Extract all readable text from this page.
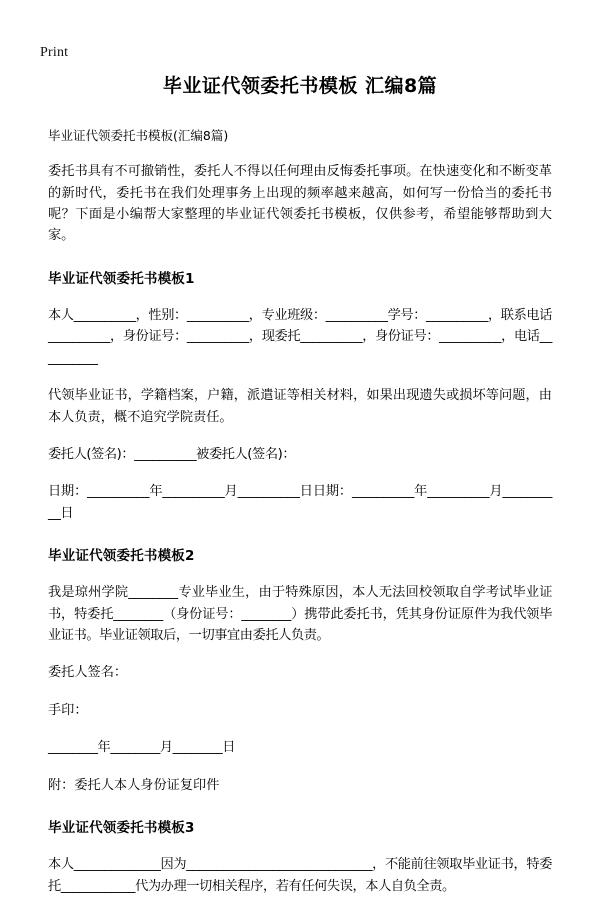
Print
毕业证代领委托书模板 汇编8篇
毕业证代领委托书模板(汇编8篇)

委托书具有不可撤销性，委托人不得以任何理由反悔委托事项。在快速变化和不断变革的新时代，委托书在我们处理事务上出现的频率越来越高，如何写一份恰当的委托书呢？下面是小编帮大家整理的毕业证代领委托书模板，仅供参考，希望能够帮助到大家。

毕业证代领委托书模板1

本人__________，性别：__________，专业班级：__________学号：__________，联系电话__________，身份证号：__________，现委托__________，身份证号：__________，电话__________

代领毕业证书，学籍档案，户籍，派遣证等相关材料，如果出现遗失或损坏等问题，由本人负责，概不追究学院责任。

委托人(签名)：__________被委托人(签名)：

日期：__________年__________月__________日日期：__________年__________月__________日

毕业证代领委托书模板2

我是琼州学院________专业毕业生，由于特殊原因，本人无法回校领取自学考试毕业证书，特委托________（身份证号：________）携带此委托书，凭其身份证原件为我代领毕业证书。毕业证领取后，一切事宜由委托人负责。

委托人签名：

手印：

________年________月________日

附：委托人本人身份证复印件

毕业证代领委托书模板3

本人______________因为______________________________，不能前往领取毕业证书，特委托____________代为办理一切相关程序，若有任何失误，本人自负全责。
